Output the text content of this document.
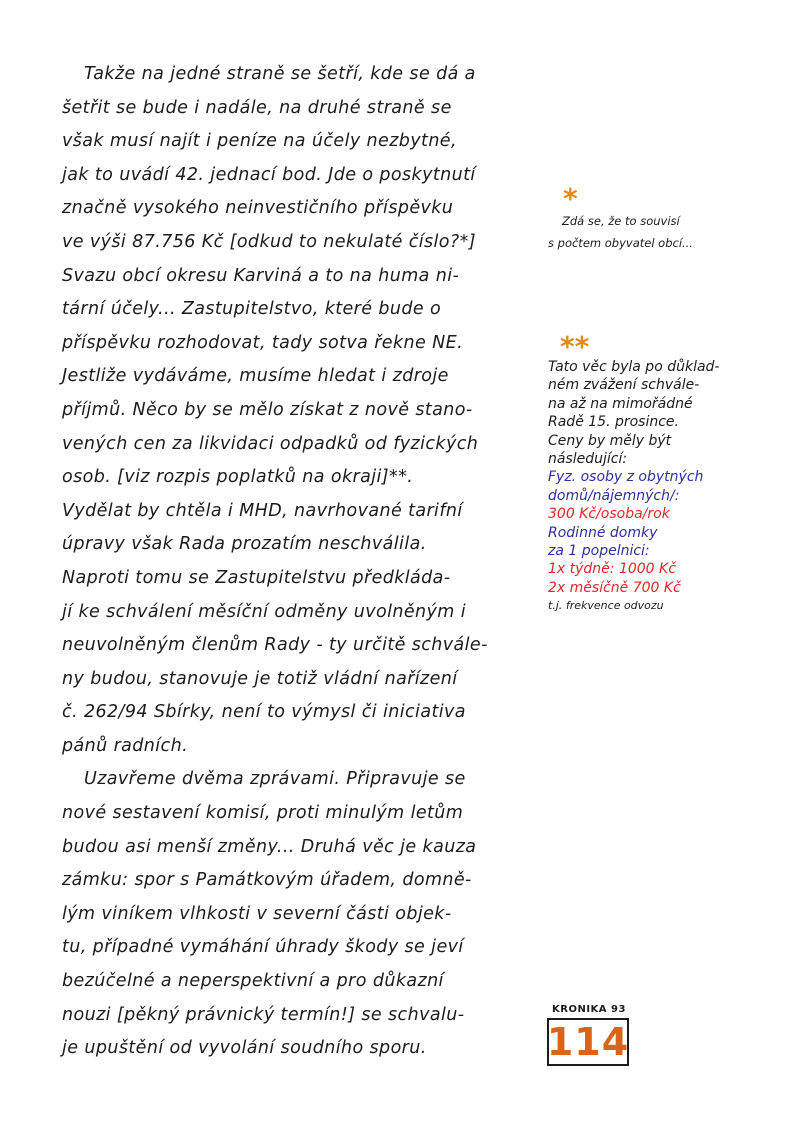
Takže na jedné straně se šetří, kde se dá a
šetřit se bude i nadále, na druhé straně se
však musí najít i peníze na účely nezbytné,
jak to uvádí 42. jednací bod. Jde o poskytnutí
značně vysokého neinvestičního příspěvku
ve výši 87.756 Kč [odkud to nekulaté číslo?*]
Svazu obcí okresu Karviná a to na huma ni-
tární účely... Zastupitelstvo, které bude o
příspěvku rozhodovat, tady sotva řekne NE.
Jestliže vydáváme, musíme hledat i zdroje
příjmů. Něco by se mělo získat z nově stano-
vených cen za likvidaci odpadků od fyzických
osob. [viz rozpis poplatků na okraji]**.
Vydělat by chtěla i MHD, navrhované tarifní
úpravy však Rada prozatím neschválila.
Naproti tomu se Zastupitelstvu předkláda-
jí ke schválení měsíční odměny uvolněným i
neuvolněným členům Rady - ty určitě schvále-
ny budou, stanovuje je totiž vládní nařízení
č. 262/94 Sbírky, není to výmysl či iniciativa
pánů radních.
Uzavřeme dvěma zprávami. Připravuje se
nové sestavení komisí, proti minulým letům
budou asi menší změny... Druhá věc je kauza
zámku: spor s Památkovým úřadem, domně-
lým viníkem vlhkosti v severní části objek-
tu, případné vymáhání úhrady škody se jeví
bezúčelné a neperspektivní a pro důkazní
nouzi [pěkný právnický termín!] se schvalu-
je upuštění od vyvolání soudního sporu.
*
Zdá se, že to souvisí
s počtem obyvatel obcí...
**
Tato věc byla po důklad-
ném zvážení schvále-
na až na mimořádné
Radě 15. prosince.
Ceny by měly být
následující:
Fyz. osoby z obytných
domů/nájemných/:
300 Kč/osoba/rok
Rodinné domky
za 1 popelnici:
1x týdně: 1000 Kč
2x měsíčně 700 Kč
t.j. frekvence odvozu
KRONIKA 93
114
